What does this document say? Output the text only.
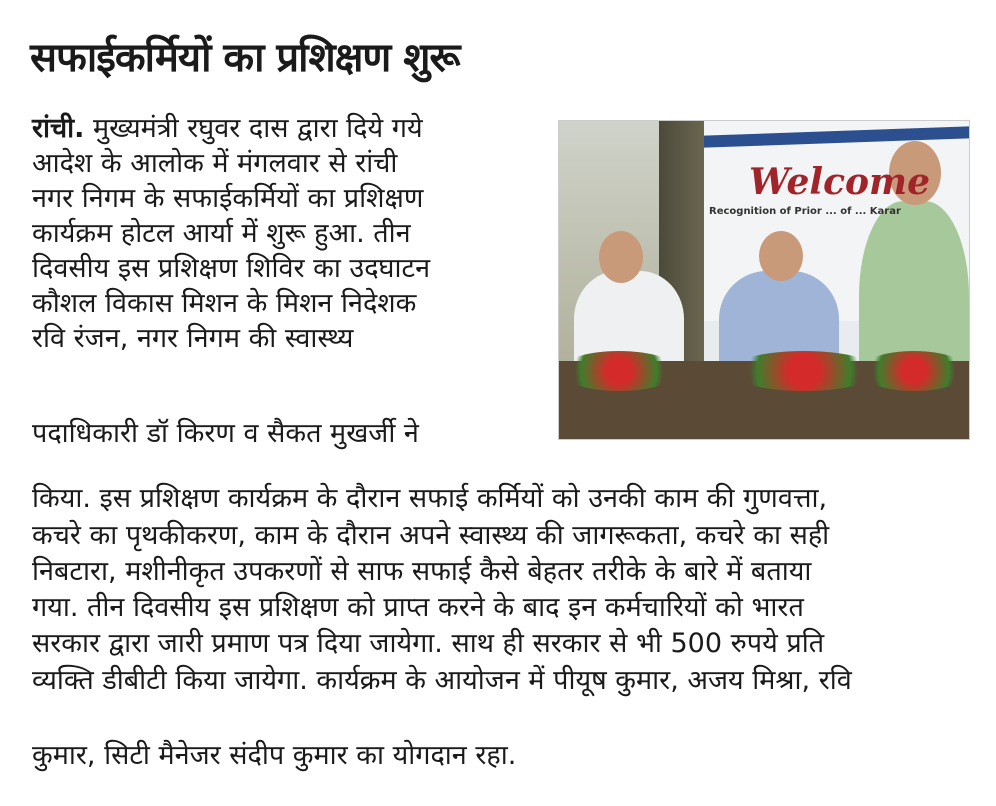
सफाईकर्मियों का प्रशिक्षण शुरू
रांची. मुख्यमंत्री रघुवर दास द्वारा दिये गये
आदेश के आलोक में मंगलवार से रांची
नगर निगम के सफाईकर्मियों का प्रशिक्षण
कार्यक्रम होटल आर्या में शुरू हुआ. तीन
दिवसीय इस प्रशिक्षण शिविर का उदघाटन
कौशल विकास मिशन के मिशन निदेशक
रवि रंजन, नगर निगम की स्वास्थ्य
पदाधिकारी डॉ किरण व सैकत मुखर्जी ने
किया. इस प्रशिक्षण कार्यक्रम के दौरान सफाई कर्मियों को उनकी काम की गुणवत्ता,
कचरे का पृथकीकरण, काम के दौरान अपने स्वास्थ्य की जागरूकता, कचरे का सही
निबटारा, मशीनीकृत उपकरणों से साफ सफाई कैसे बेहतर तरीके के बारे में बताया
गया. तीन दिवसीय इस प्रशिक्षण को प्राप्त करने के बाद इन कर्मचारियों को भारत
सरकार द्वारा जारी प्रमाण पत्र दिया जायेगा. साथ ही सरकार से भी 500 रुपये प्रति
व्यक्ति डीबीटी किया जायेगा. कार्यक्रम के आयोजन में पीयूष कुमार, अजय मिश्रा, रवि
कुमार, सिटी मैनेजर संदीप कुमार का योगदान रहा.
Welcome
Recognition of Prior ... of ... Karar
